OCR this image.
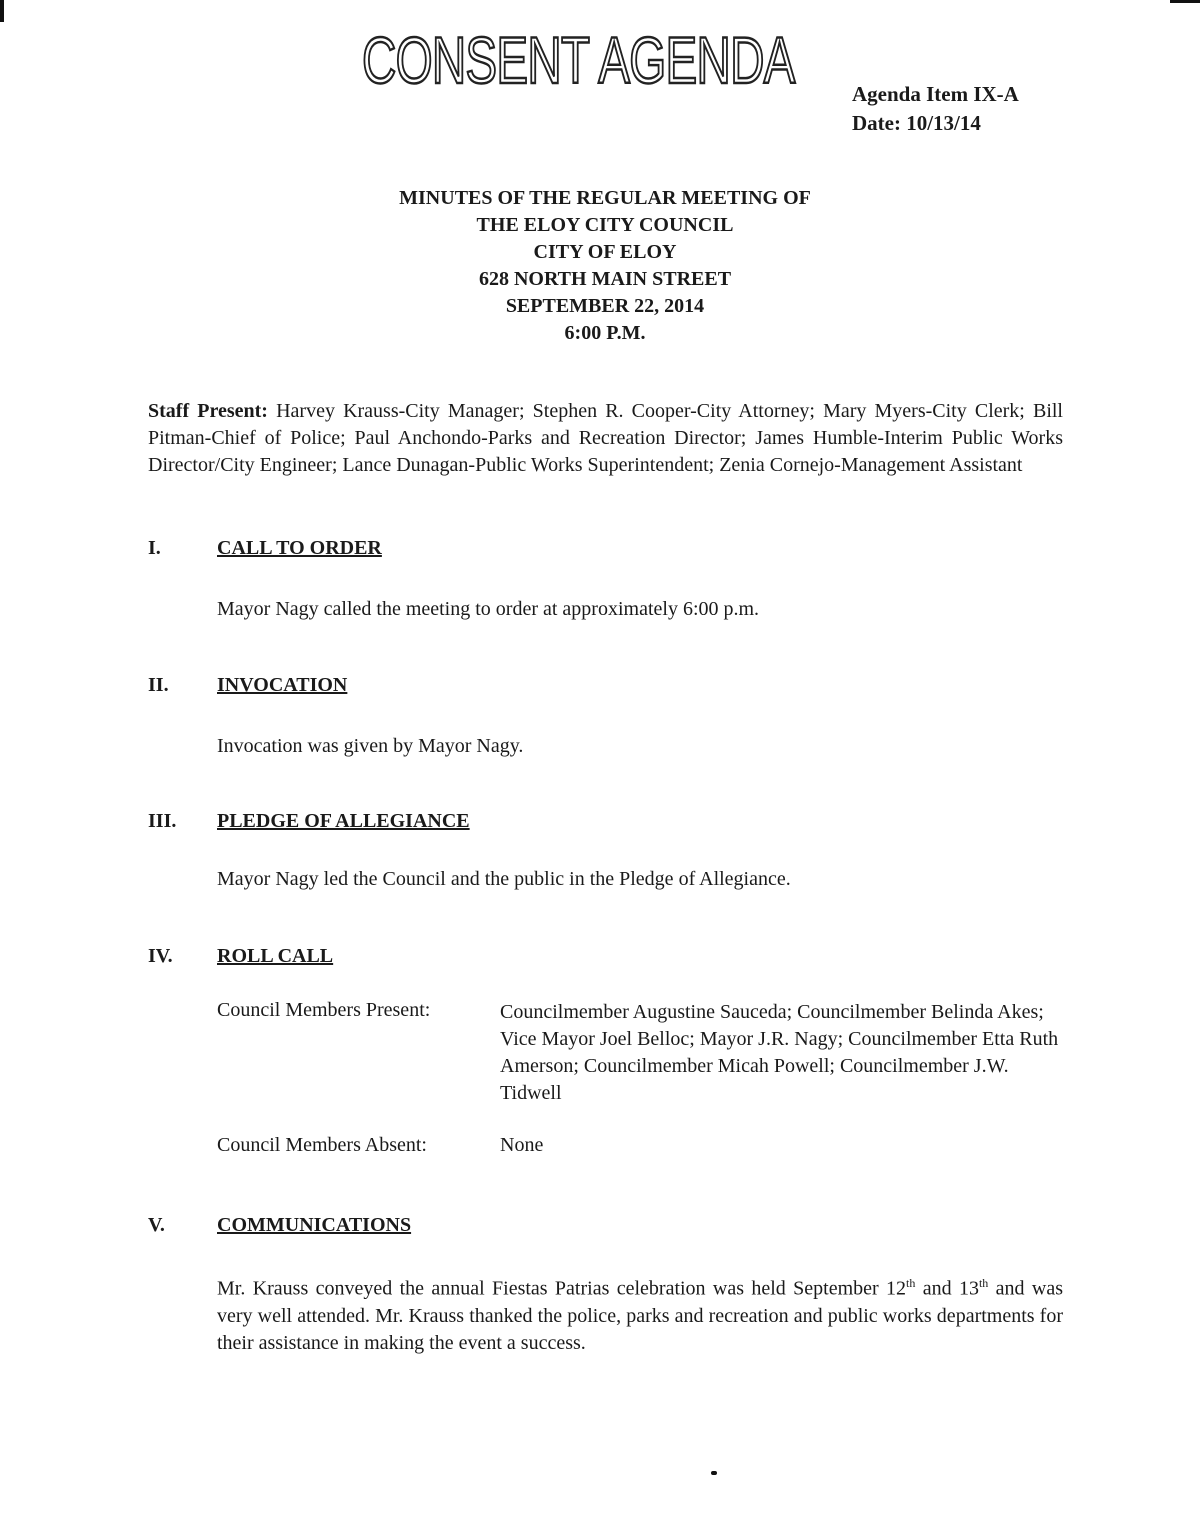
CONSENT AGENDA	Agenda Item IX-A
Date: 10/13/14
MINUTES OF THE REGULAR MEETING OF
THE ELOY CITY COUNCIL
CITY OF ELOY
628 NORTH MAIN STREET
SEPTEMBER 22, 2014
6:00 P.M.
Staff Present: Harvey Krauss-City Manager; Stephen R. Cooper-City Attorney; Mary Myers-City Clerk; Bill Pitman-Chief of Police; Paul Anchondo-Parks and Recreation Director; James Humble-Interim Public Works Director/City Engineer; Lance Dunagan-Public Works Superintendent; Zenia Cornejo-Management Assistant
I.	CALL TO ORDER
Mayor Nagy called the meeting to order at approximately 6:00 p.m.
II. INVOCATION
Invocation was given by Mayor Nagy.
III. PLEDGE OF ALLEGIANCE
Mayor Nagy led the Council and the public in the Pledge of Allegiance.
IV. ROLL CALL
Council Members Present:	Councilmember Augustine Sauceda; Councilmember Belinda Akes; Vice Mayor Joel Belloc; Mayor J.R. Nagy; Councilmember Etta Ruth Amerson; Councilmember Micah Powell; Councilmember J.W. Tidwell
Council Members Absent:	None
V.	COMMUNICATIONS
Mr. Krauss conveyed the annual Fiestas Patrias celebration was held September 12th and 13th and was very well attended. Mr. Krauss thanked the police, parks and recreation and public works departments for their assistance in making the event a success.
